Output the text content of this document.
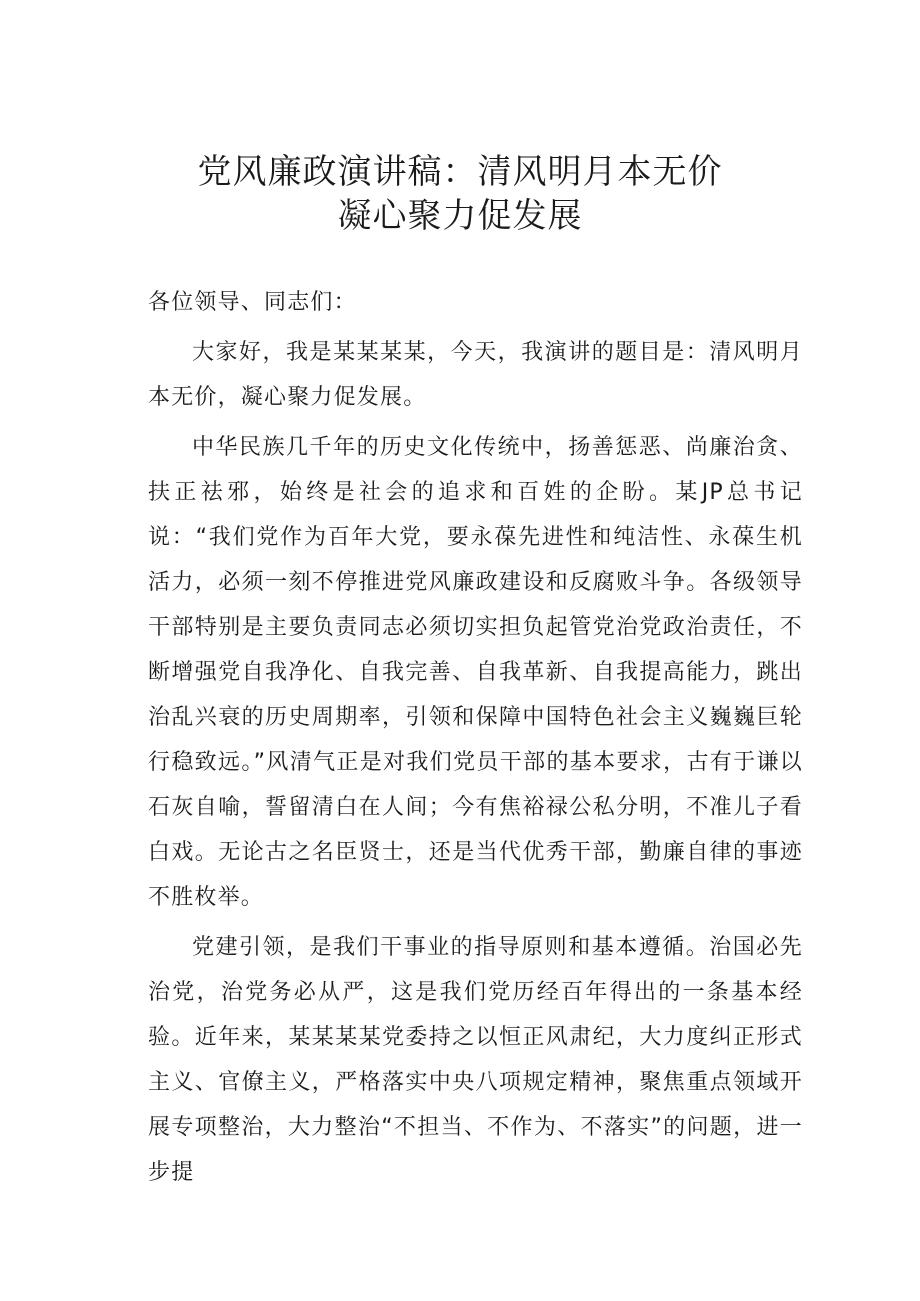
党风廉政演讲稿：清风明月本无价
凝心聚力促发展

各位领导、同志们：

大家好，我是某某某某，今天，我演讲的题目是：清风明月本无价，凝心聚力促发展。

中华民族几千年的历史文化传统中，扬善惩恶、尚廉治贪、扶正祛邪，始终是社会的追求和百姓的企盼。某JP总书记说：“我们党作为百年大党，要永葆先进性和纯洁性、永葆生机活力，必须一刻不停推进党风廉政建设和反腐败斗争。各级领导干部特别是主要负责同志必须切实担负起管党治党政治责任，不断增强党自我净化、自我完善、自我革新、自我提高能力，跳出治乱兴衰的历史周期率，引领和保障中国特色社会主义巍巍巨轮行稳致远。”风清气正是对我们党员干部的基本要求，古有于谦以石灰自喻，誓留清白在人间；今有焦裕禄公私分明，不准儿子看白戏。无论古之名臣贤士，还是当代优秀干部，勤廉自律的事迹不胜枚举。

党建引领，是我们干事业的指导原则和基本遵循。治国必先治党，治党务必从严，这是我们党历经百年得出的一条基本经验。近年来，某某某某党委持之以恒正风肃纪，大力度纠正形式主义、官僚主义，严格落实中央八项规定精神，聚焦重点领域开展专项整治，大力整治“不担当、不作为、不落实”的问题，进一步提
